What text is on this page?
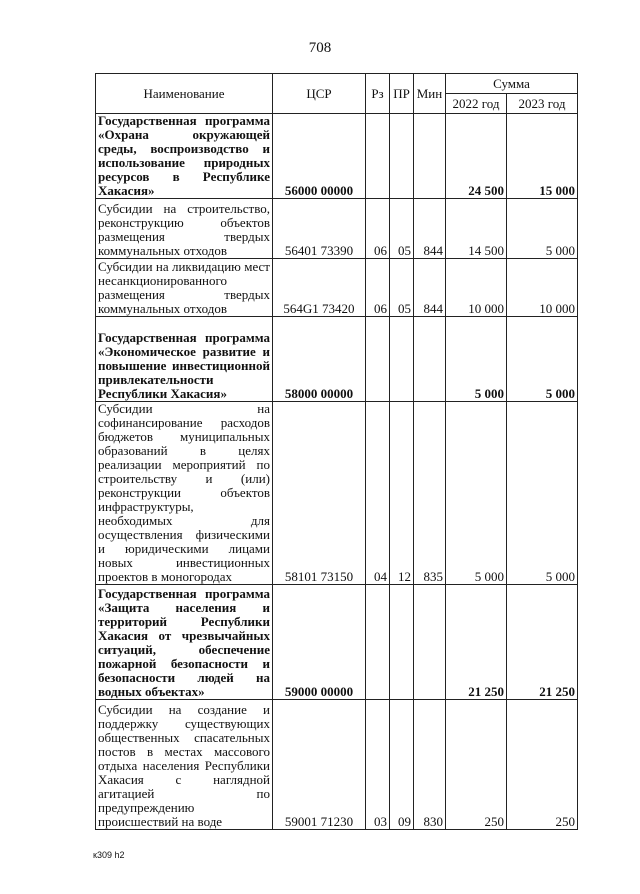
708
Наименование	ЦСР	Рз	ПР	Мин	Сумма	
					2022 год	2023 год
Государственная программа «Охрана окружающей среды, воспроизводство и использование природных ресурсов в Республике Хакасия»	56000 00000				24 500	15 000
Субсидии на строительство, реконструкцию объектов размещения твердых коммунальных отходов	56401 73390	06	05	844	14 500	5 000
Субсидии на ликвидацию мест несанкционированного размещения твердых коммунальных отходов	564G1 73420	06	05	844	10 000	10 000
Государственная программа «Экономическое развитие и повышение инвестиционной привлекательности Республики Хакасия»	58000 00000				5 000	5 000
Субсидии на софинансирование расходов бюджетов муниципальных образований в целях реализации мероприятий по строительству и (или) реконструкции объектов инфраструктуры, необходимых для осуществления физическими и юридическими лицами новых инвестиционных проектов в моногородах	58101 73150	04	12	835	5 000	5 000
Государственная программа «Защита населения и территорий Республики Хакасия от чрезвычайных ситуаций, обеспечение пожарной безопасности и безопасности людей на водных объектах»	59000 00000				21 250	21 250
Субсидии на создание и поддержку существующих общественных спасательных постов в местах массового отдыха населения Республики Хакасия с наглядной агитацией по предупреждению происшествий на воде	59001 71230	03	09	830	250	250
к309 h2
